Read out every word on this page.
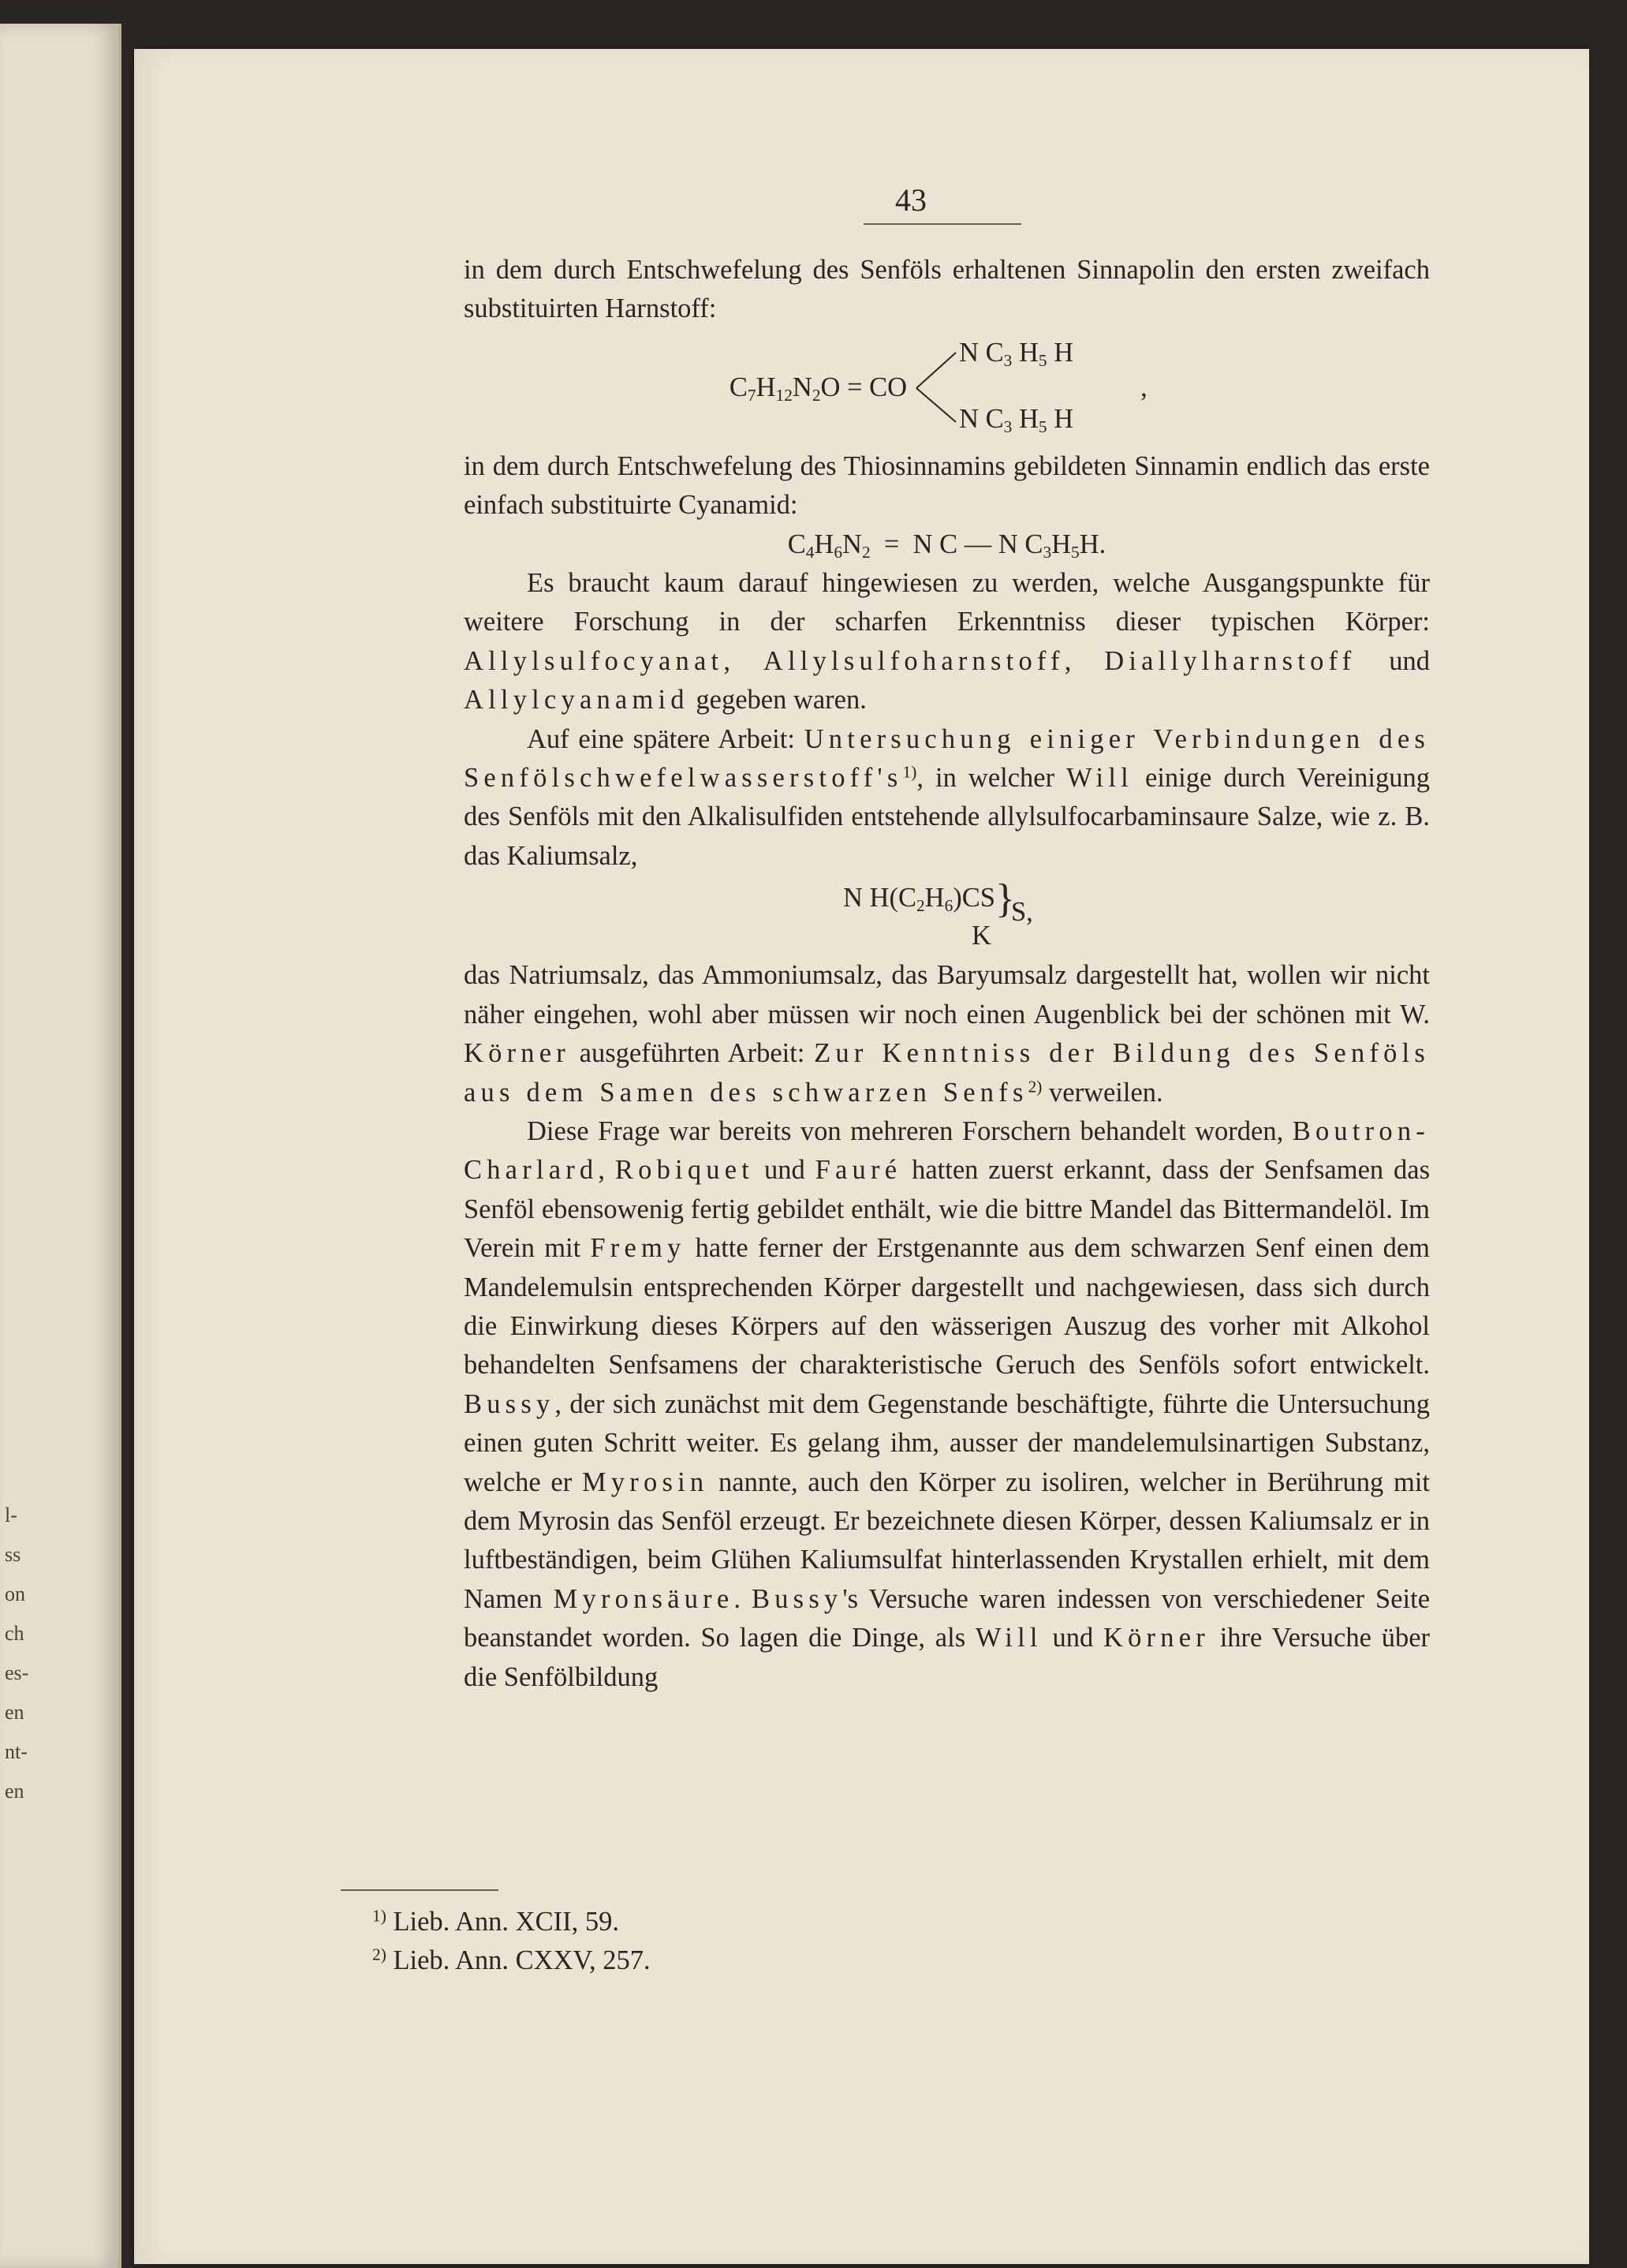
l-
ss
on
ch
es-
en
nt-
en
43

in dem durch Entschwefelung des Senföls erhaltenen Sinnapolin den ersten zweifach substituirten Harnstoff:

$C_7H_{12}N_2O$ = CO
N $C_3$ $H_5$ H
,
N $C_3$ $H_5$ H

in dem durch Entschwefelung des Thiosinnamins gebildeten Sinnamin endlich das erste einfach substituirte Cyanamid:

$C_4H_6N_2 = N$ C — N $C_3H_5H$.

Es braucht kaum darauf hingewiesen zu werden, welche Ausgangspunkte für weitere Forschung in der scharfen Erkenntniss dieser typischen Körper: Allylsulfocyanat, Allylsulfoharnstoff, Diallylharnstoff und Allylcyanamid gegeben waren.

Auf eine spätere Arbeit: Untersuchung einiger Verbindungen des $Senfölschwefelwasserstoff's^{1)}$, in welcher Will einige durch Vereinigung des Senföls mit den Alkalisulfiden entstehende allylsulfocarbaminsaure Salze, wie z. B. das Kaliumsalz,

N $H(C_2H_6)CS$ }
S,
K

das Natriumsalz, das Ammoniumsalz, das Baryumsalz dargestellt hat, wollen wir nicht näher eingehen, wohl aber müssen wir noch einen Augenblick bei der schönen mit W. Körner ausgeführten Arbeit: Zur Kenntniss der Bildung des Senföls aus dem Samen des schwarzen Senfs$^{2)}$ verweilen.

Diese Frage war bereits von mehreren Forschern behandelt worden, Boutron-Charlard, Robiquet und Fauré hatten zuerst erkannt, dass der Senfsamen das Senföl ebensowenig fertig gebildet enthält, wie die bittre Mandel das Bittermandelöl. Im Verein mit Fremy hatte ferner der Erstgenannte aus dem schwarzen Senf einen dem Mandelemulsin entsprechenden Körper dargestellt und nachgewiesen, dass sich durch die Einwirkung dieses Körpers auf den wässerigen Auszug des vorher mit Alkohol behandelten Senfsamens der charakteristische Geruch des Senföls sofort entwickelt. Bussy, der sich zunächst mit dem Gegenstande beschäftigte, führte die Untersuchung einen guten Schritt weiter. Es gelang ihm, ausser der mandelemulsinartigen Substanz, welche er Myrosin nannte, auch den Körper zu isoliren, welcher in Berührung mit dem Myrosin das Senföl erzeugt. Er bezeichnete diesen Körper, dessen Kaliumsalz er in luftbeständigen, beim Glühen Kaliumsulfat hinterlassenden Krystallen erhielt, mit dem Namen Myronsäure. Bussy's Versuche waren indessen von verschiedener Seite beanstandet worden. So lagen die Dinge, als Will und Körner ihre Versuche über die Senfölbildung

$^{1)}$ Lieb. Ann. XCII, 59.

$^{2)}$ Lieb. Ann. CXXV, 257.
